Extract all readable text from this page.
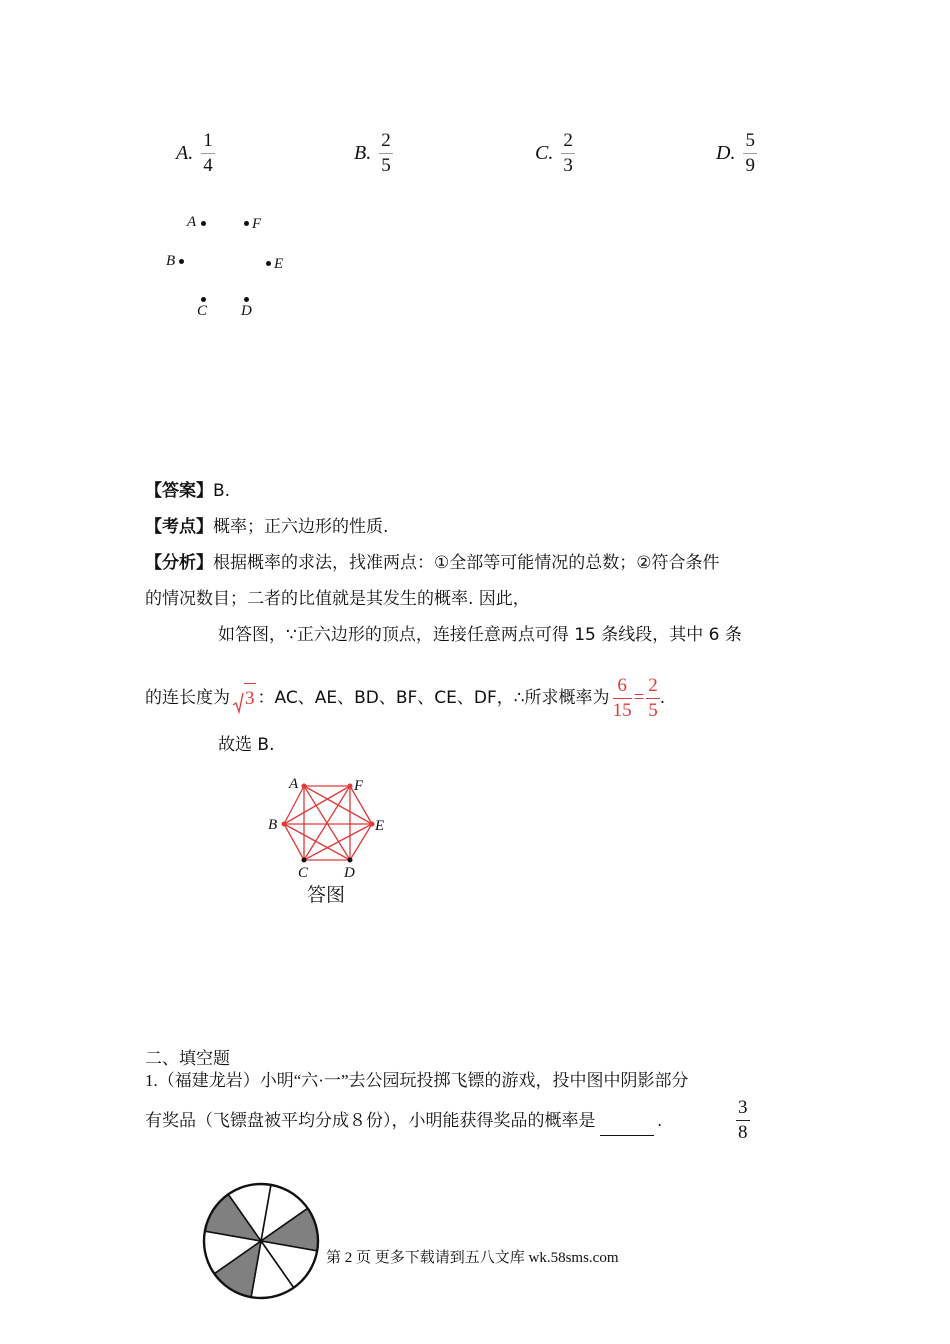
A. $\frac{1}{4}$	B. $\frac{2}{5}$	C. $\frac{2}{3}$	D. $\frac{5}{9}$
A	F
B	E
C D
【答案】B.
【考点】概率；正六边形的性质.
【分析】根据概率的求法，找准两点：①全部等可能情况的总数；②符合条件
的情况数目；二者的比值就是其发生的概率. 因此，
如答图，∵正六边形的顶点，连接任意两点可得 15 条线段，其中 6 条
的连长度为 3 ：AC、AE、BD、BF、CE、DF，∴所求概率为 $\frac{6}{15} = \frac{2}{5}$ .
故选 B.
A	F
B	E
C D
答图
二、填空题
1.（福建龙岩）小明“六·一”去公园玩投掷飞镖的游戏，投中图中阴影部分
有奖品（飞镖盘被平均分成８份），小明能获得奖品的概率是	.	$\frac{3}{8}$
第 2 页 更多下载请到五八文库 wk.58sms.com
